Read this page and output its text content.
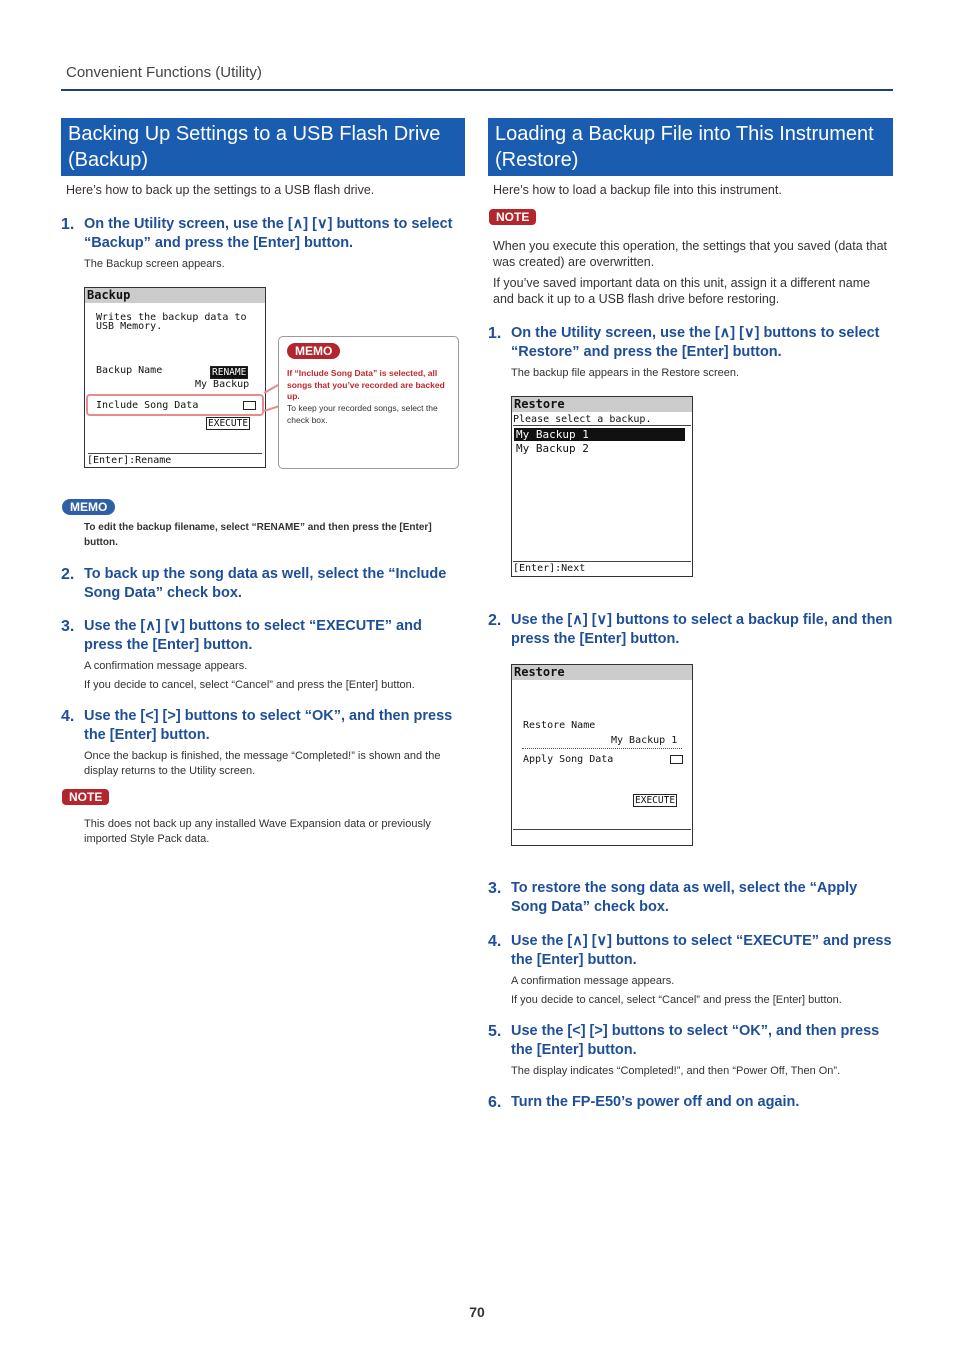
Convenient Functions (Utility)
Backing Up Settings to a USB Flash Drive (Backup)
Here’s how to back up the settings to a USB flash drive.
1. On the Utility screen, use the [∧] [∨] buttons to select “Backup” and press the [Enter] button.
The Backup screen appears.
Backup
Writes the backup data to
USB Memory.
Backup Name	RENAME
My Backup
Include Song Data
EXECUTE
[Enter]:Rename
MEMO
If “Include Song Data” is selected, all songs that you’ve recorded are backed up.
To keep your recorded songs, select the check box.
MEMO
To edit the backup filename, select “RENAME” and then press the [Enter] button.
2. To back up the song data as well, select the “Include Song Data” check box.
3. Use the [∧] [∨] buttons to select “EXECUTE” and press the [Enter] button.
A confirmation message appears.
If you decide to cancel, select “Cancel” and press the [Enter] button.
4. Use the [<] [>] buttons to select “OK”, and then press the [Enter] button.
Once the backup is finished, the message “Completed!” is shown and the display returns to the Utility screen.
NOTE
This does not back up any installed Wave Expansion data or previously imported Style Pack data.
Loading a Backup File into This Instrument (Restore)
Here’s how to load a backup file into this instrument.
NOTE
When you execute this operation, the settings that you saved (data that was created) are overwritten.
If you’ve saved important data on this unit, assign it a different name and back it up to a USB flash drive before restoring.
1. On the Utility screen, use the [∧] [∨] buttons to select “Restore” and press the [Enter] button.
The backup file appears in the Restore screen.
Restore
Please select a backup.
My Backup 1
My Backup 2
[Enter]:Next
2. Use the [∧] [∨] buttons to select a backup file, and then press the [Enter] button.
Restore
Restore Name
My Backup 1
Apply Song Data
EXECUTE
3. To restore the song data as well, select the “Apply Song Data” check box.
4. Use the [∧] [∨] buttons to select “EXECUTE” and press the [Enter] button.
A confirmation message appears.
If you decide to cancel, select “Cancel” and press the [Enter] button.
5. Use the [<] [>] buttons to select “OK”, and then press the [Enter] button.
The display indicates “Completed!”, and then “Power Off, Then On”.
6. Turn the FP-E50’s power off and on again.
70
